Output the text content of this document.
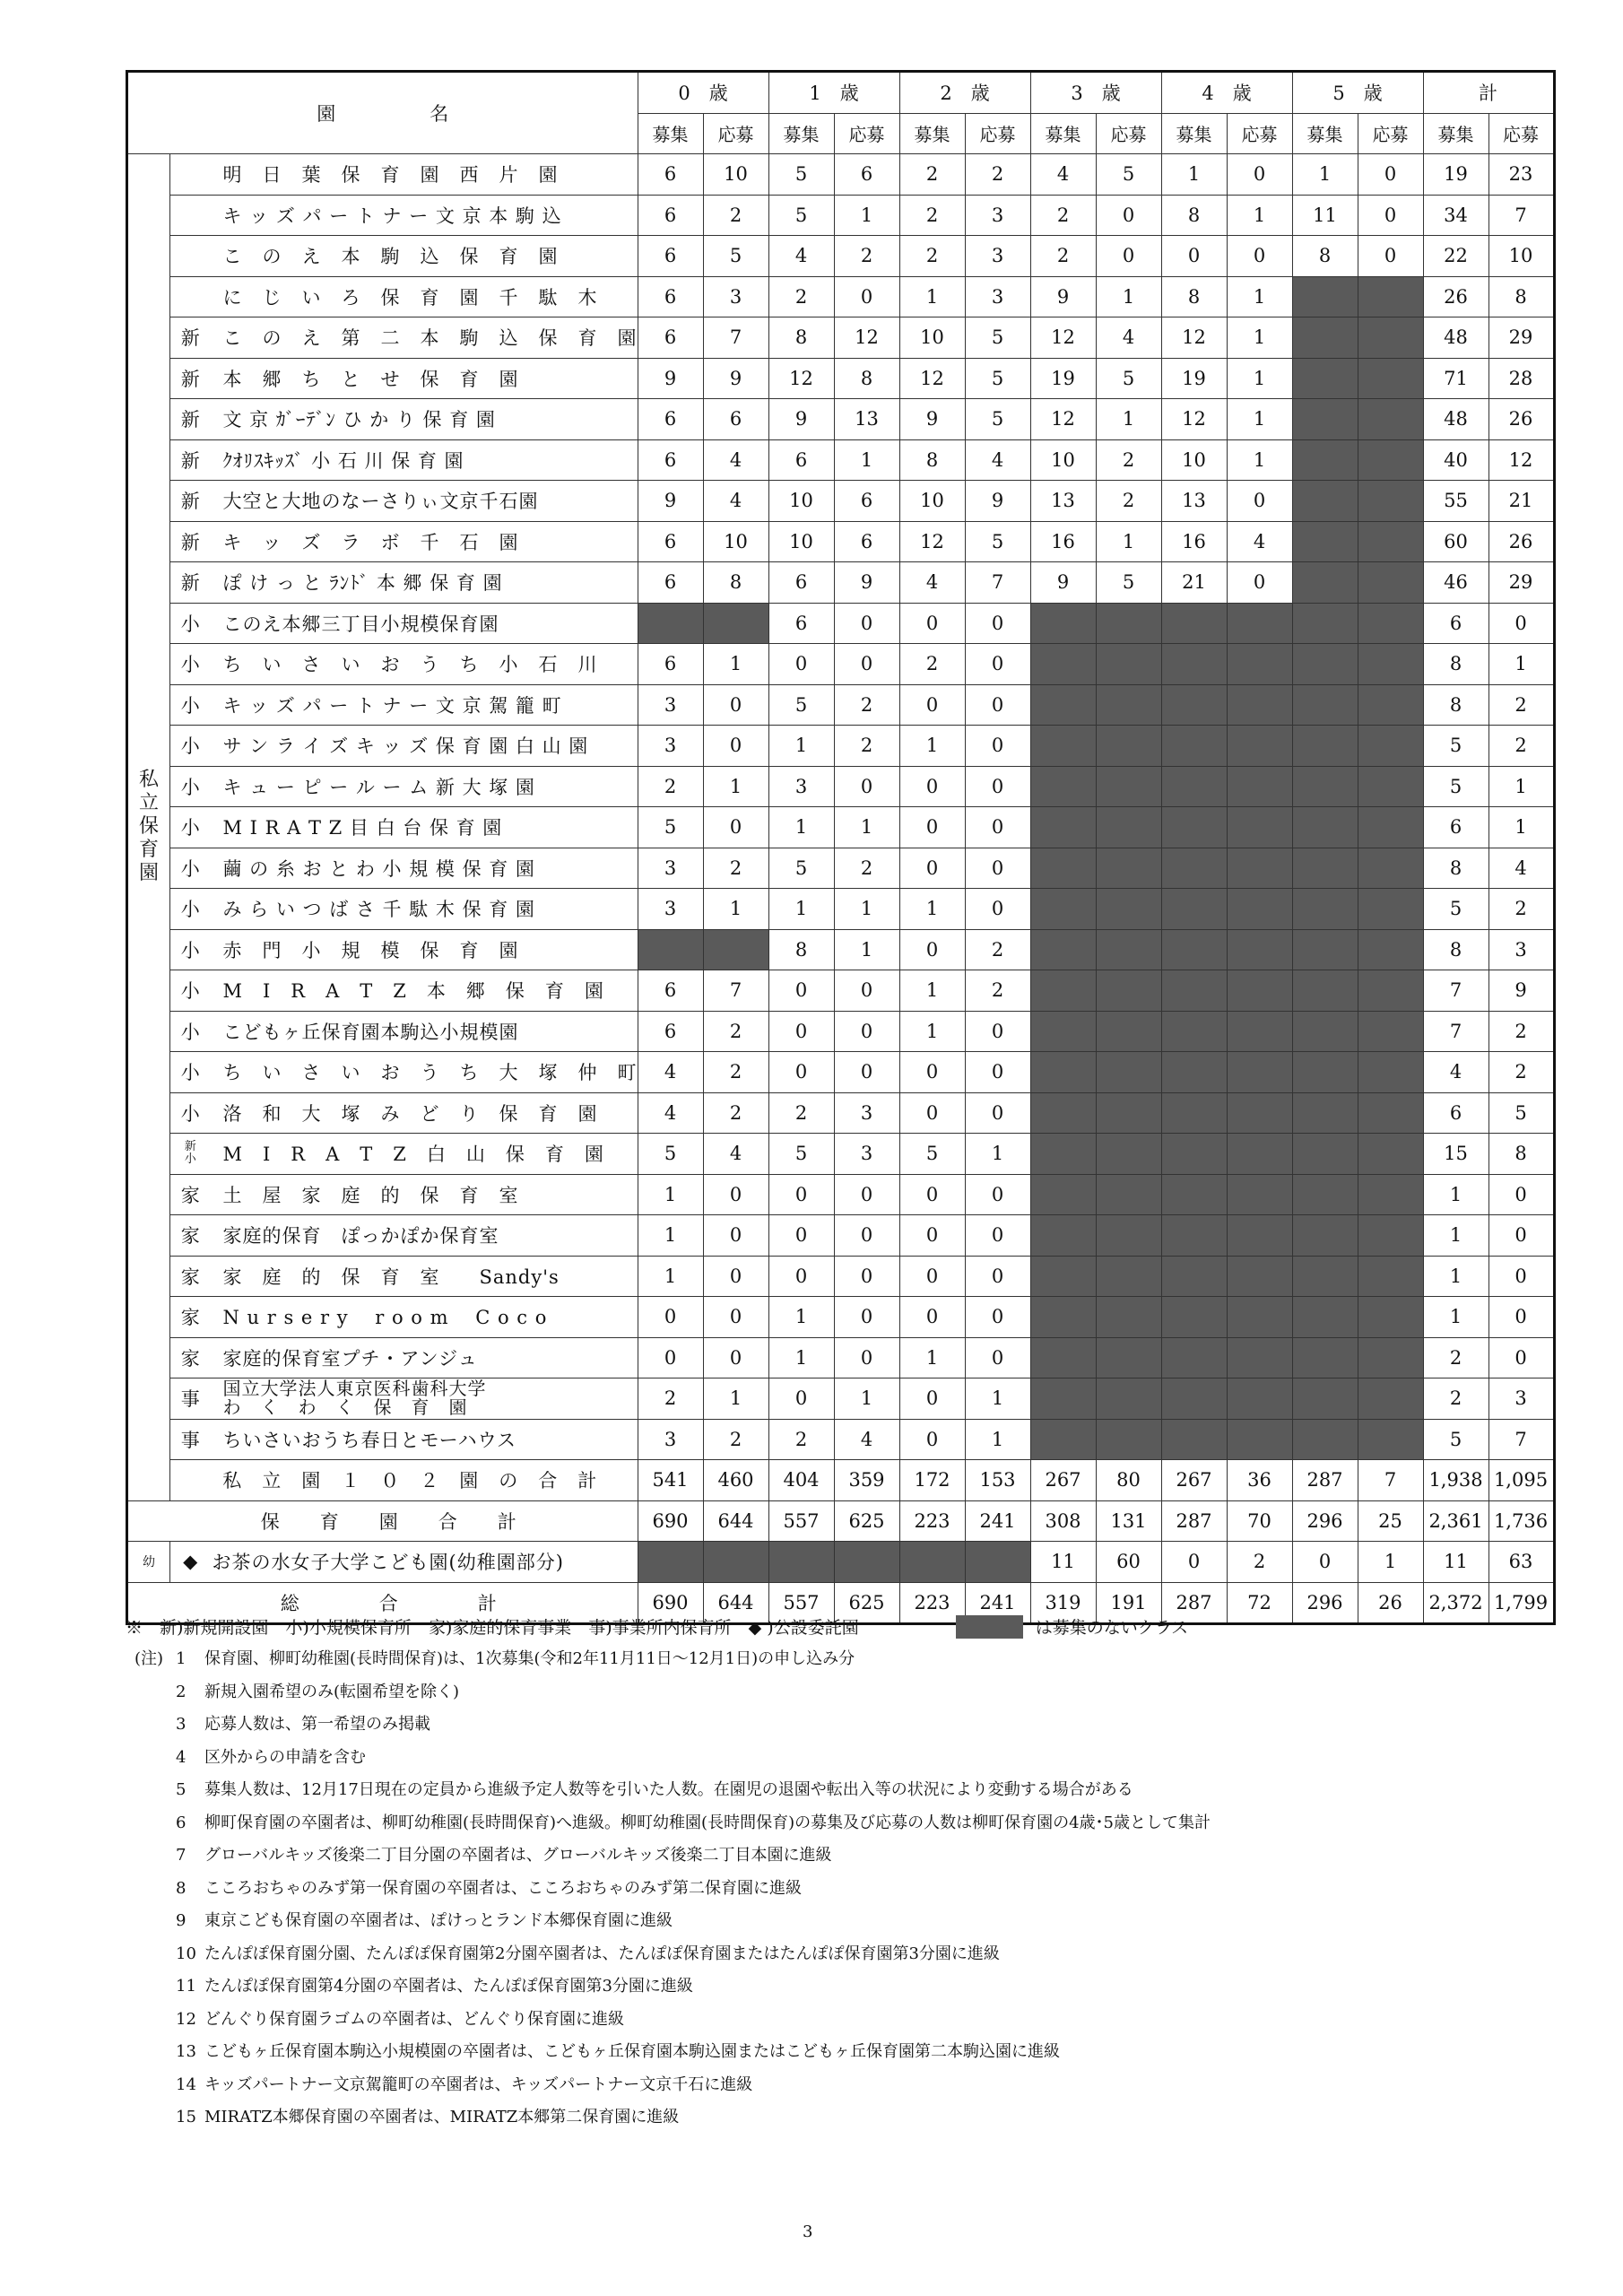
園　　　　　名			0　歳		1　歳		2　歳		3　歳		4　歳		5　歳		計	
			募集	応募	募集	応募	募集	応募	募集	応募	募集	応募	募集	応募	募集	応募

私
立
保
育
園		明　日　葉　保　育　園　西　片　園	6	10	5	6	2	2	4	5	1	0	1	0	19	23
		キ ッ ズ パ ー ト ナ ー 文 京 本 駒 込	6	2	5	1	2	3	2	0	8	1	11	0	34	7
		こ　の　え　本　駒　込　保　育　園	6	5	4	2	2	3	2	0	0	0	8	0	22	10
		に　じ　い　ろ　保　育　園　千　駄　木	6	3	2	0	1	3	9	1	8	1			26	8
	新	こ　の　え　第　二　本　駒　込　保　育　園	6	7	8	12	10	5	12	4	12	1			48	29
	新	本　郷　ち　と　せ　保　育　園	9	9	12	8	12	5	19	5	19	1			71	28
	新	文 京 ｶﾞｰﾃﾞﾝ ひ か り 保 育 園	6	6	9	13	9	5	12	1	12	1			48	26
	新	ｸｵﾘｽｷｯｽﾞ 小 石 川 保 育 園	6	4	6	1	8	4	10	2	10	1			40	12
	新	大空と大地のなーさりぃ文京千石園	9	4	10	6	10	9	13	2	13	0			55	21
	新	キ　ッ　ズ　ラ　ボ　千　石　園	6	10	10	6	12	5	16	1	16	4			60	26
	新	ぽ け っ と ﾗﾝﾄﾞ 本 郷 保 育 園	6	8	6	9	4	7	9	5	21	0			46	29
	小	このえ本郷三丁目小規模保育園			6	0	0	0							6	0
	小	ち　い　さ　い　お　う　ち　小　石　川	6	1	0	0	2	0							8	1
	小	キ ッ ズ パ ー ト ナ ー 文 京 駕 籠 町	3	0	5	2	0	0							8	2
	小	サ ン ラ イ ズ キ ッ ズ 保 育 園 白 山 園	3	0	1	2	1	0							5	2
	小	キ ュ ー ピ ー ル ー ム 新 大 塚 園	2	1	3	0	0	0							5	1
	小	M I R A T Z 目 白 台 保 育 園	5	0	1	1	0	0							6	1
	小	繭 の 糸 お と わ 小 規 模 保 育 園	3	2	5	2	0	0							8	4
	小	み ら い つ ば さ 千 駄 木 保 育 園	3	1	1	1	1	0							5	2
	小	赤　門　小　規　模　保　育　園			8	1	0	2							8	3
	小	M　I　R　A　T　Z　本　郷　保　育　園	6	7	0	0	1	2							7	9
	小	こどもヶ丘保育園本駒込小規模園	6	2	0	0	1	0							7	2
	小	ち　い　さ　い　お　う　ち　大　塚　仲　町	4	2	0	0	0	0							4	2
	小	洛　和　大　塚　み　ど　り　保　育　園	4	2	2	3	0	0							6	5

	新
小	M　I　R　A　T　Z　白　山　保　育　園	5	4	5	3	5	1							15	8
	家	土　屋　家　庭　的　保　育　室	1	0	0	0	0	0							1	0
	家	家庭的保育　ぽっかぽか保育室	1	0	0	0	0	0							1	0
	家	家　庭　的　保　育　室　　Sandy's	1	0	0	0	0	0							1	0
	家	N u r s e r y 　r o o m 　C o c o	0	0	1	0	0	0							1	0
	家	家庭的保育室プチ・アンジュ	0	0	1	0	1	0							2	0
	事	国立大学法人東京医科歯科大学
わ　く　わ　く　保　育　園	2	1	0	1	0	1							2	3
	事	ちいさいおうち春日とモーハウス	3	2	2	4	0	1							5	7
	私　立　園　１　０　２　園　の　合　計		541	460	404	359	172	153	267	80	267	36	287	7	1,938	1,095
保　　育　　園　　合　　計			690	644	557	625	223	241	308	131	287	70	296	25	2,361	1,736
幼	◆	お茶の水女子大学こども園(幼稚園部分)							11	60	0	2	0	1	11	63
総　　　　合　　　　計			690	644	557	625	223	241	319	191	287	72	296	26	2,372	1,799
※　新)新規開設園　小)小規模保育所　家)家庭的保育事業　事)事業所内保育所　◆ )公設委託園	は募集のないクラス
(注) 1	保育園、柳町幼稚園(長時間保育)は、1次募集(令和2年11月11日～12月1日)の申し込み分
2	新規入園希望のみ(転園希望を除く)
3	応募人数は、第一希望のみ掲載
4	区外からの申請を含む
5	募集人数は、12月17日現在の定員から進級予定人数等を引いた人数。在園児の退園や転出入等の状況により変動する場合がある
6	柳町保育園の卒園者は、柳町幼稚園(長時間保育)へ進級。柳町幼稚園(長時間保育)の募集及び応募の人数は柳町保育園の4歳･5歳として集計
7	グローバルキッズ後楽二丁目分園の卒園者は、グローバルキッズ後楽二丁目本園に進級
8	こころおちゃのみず第一保育園の卒園者は、こころおちゃのみず第二保育園に進級
9	東京こども保育園の卒園者は、ぽけっとランド本郷保育園に進級
10 たんぽぽ保育園分園、たんぽぽ保育園第2分園卒園者は、たんぽぽ保育園またはたんぽぽ保育園第3分園に進級
11 たんぽぽ保育園第4分園の卒園者は、たんぽぽ保育園第3分園に進級
12 どんぐり保育園ラゴムの卒園者は、どんぐり保育園に進級
13 こどもヶ丘保育園本駒込小規模園の卒園者は、こどもヶ丘保育園本駒込園またはこどもヶ丘保育園第二本駒込園に進級
14 キッズパートナー文京駕籠町の卒園者は、キッズパートナー文京千石に進級
15 MIRATZ本郷保育園の卒園者は、MIRATZ本郷第二保育園に進級
3
